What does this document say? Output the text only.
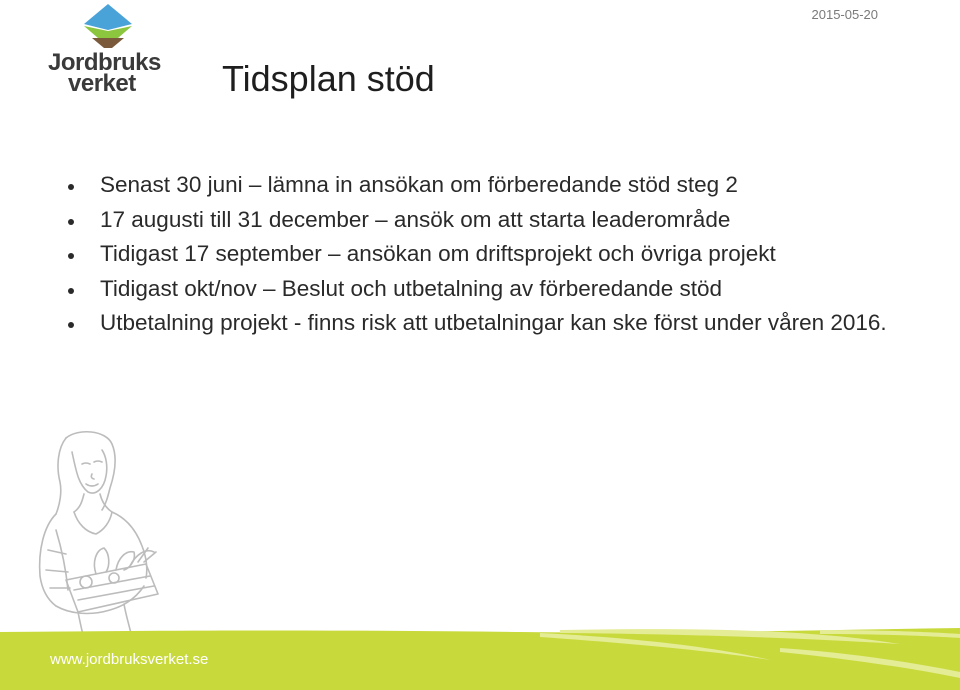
2015-05-20
Jordbruks
verket	Tidsplan stöd
Senast 30 juni – lämna in ansökan om förberedande stöd steg 2
17 augusti till 31 december – ansök om att starta leaderområde
Tidigast 17 september – ansökan om driftsprojekt och övriga projekt
Tidigast okt/nov – Beslut och utbetalning av förberedande stöd
Utbetalning projekt - finns risk att utbetalningar kan ske först under våren 2016.
www.jordbruksverket.se
